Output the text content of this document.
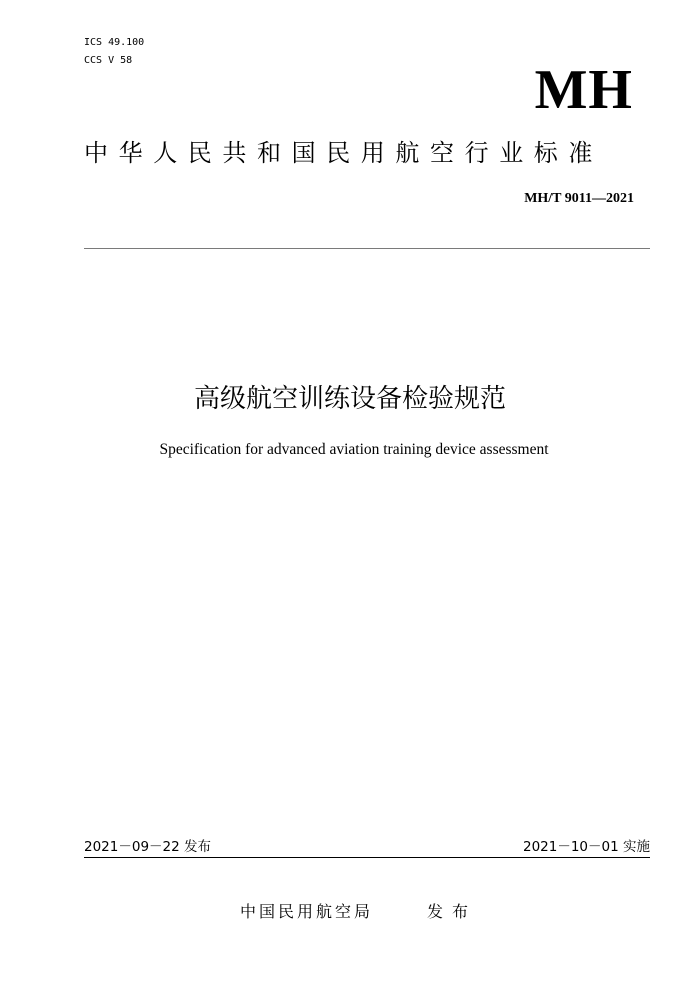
ICS 49.100
CCS V 58	MH
中华人民共和国民用航空行业标准
MH/T 9011—2021
高级航空训练设备检验规范
Specification for advanced aviation training device assessment
2021－09－22 发布	2021－10－01 实施
中国民用航空局	发布
